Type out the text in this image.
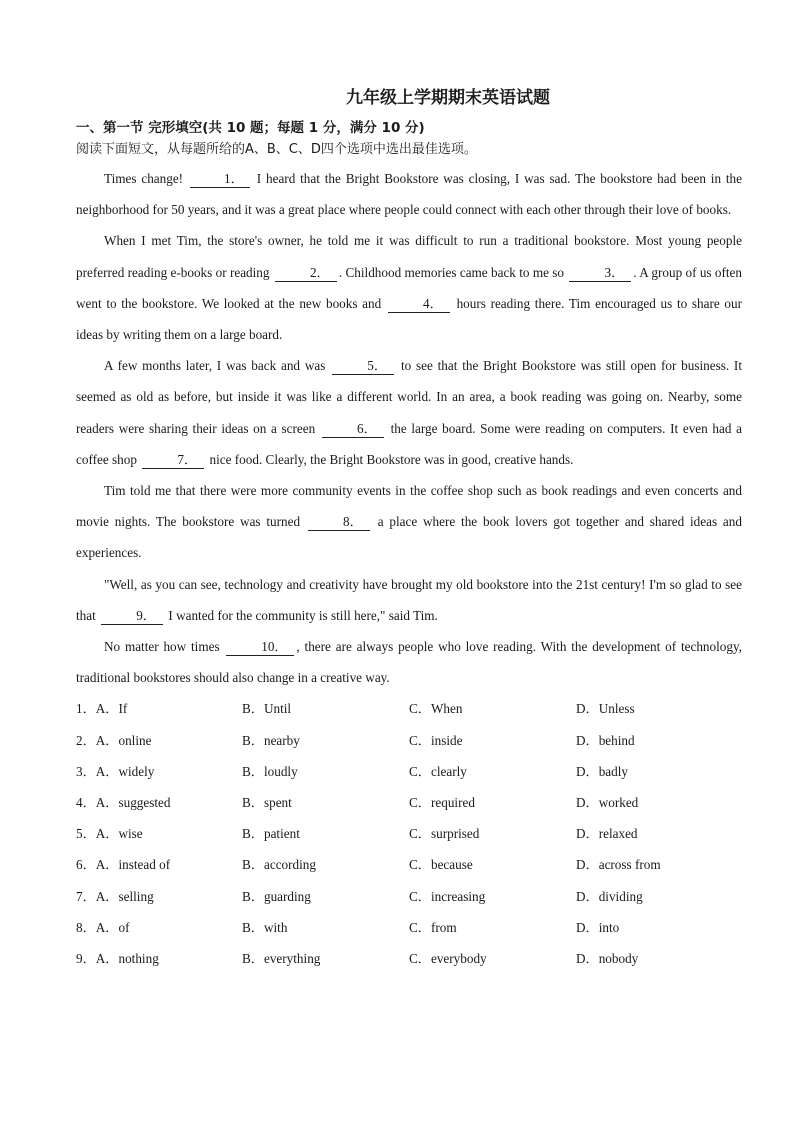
九年级上学期期末英语试题
一、第一节 完形填空(共 10 题；每题 1 分，满分 10 分)
阅读下面短文，从每题所给的A、B、C、D四个选项中选出最佳选项。

Times change!	1． I heard that the Bright Bookstore was closing, I was sad. The bookstore had been in the neighborhood for 50 years, and it was a great place where people could connect with each other through their love of books.

When I met Tim, the store's owner, he told me it was difficult to run a traditional bookstore. Most young people preferred reading e-books or reading	2． . Childhood memories came back to me so	3． . A group of us often went to the bookstore. We looked at the new books and	4． hours reading there. Tim encouraged us to share our ideas by writing them on a large board.

A few months later, I was back and was	5． to see that the Bright Bookstore was still open for business. It seemed as old as before, but inside it was like a different world. In an area, a book reading was going on. Nearby, some readers were sharing their ideas on a screen	6． the large board. Some were reading on computers. It even had a coffee shop	7． nice food. Clearly, the Bright Bookstore was in good, creative hands.

Tim told me that there were more community events in the coffee shop such as book readings and even concerts and movie nights. The bookstore was turned	8． a place where the book lovers got together and shared ideas and experiences.

"Well, as you can see, technology and creativity have brought my old bookstore into the 21st century! I'm so glad to see that	9． I wanted for the community is still here," said Tim.

No matter how times	10． , there are always people who love reading. With the development of technology, traditional bookstores should also change in a creative way.

1．A．If	B．Until	C．When	D．Unless
2．A．online	B．nearby	C．inside	D．behind
3．A．widely	B．loudly	C．clearly	D．badly
4．A．suggested	B．spent	C．required	D．worked
5．A．wise	B．patient	C．surprised	D．relaxed
6．A．instead of	B．according	C．because	D．across from
7．A．selling	B．guarding	C．increasing	D．dividing
8．A．of	B．with	C．from	D．into
9．A．nothing	B．everything	C．everybody	D．nobody
